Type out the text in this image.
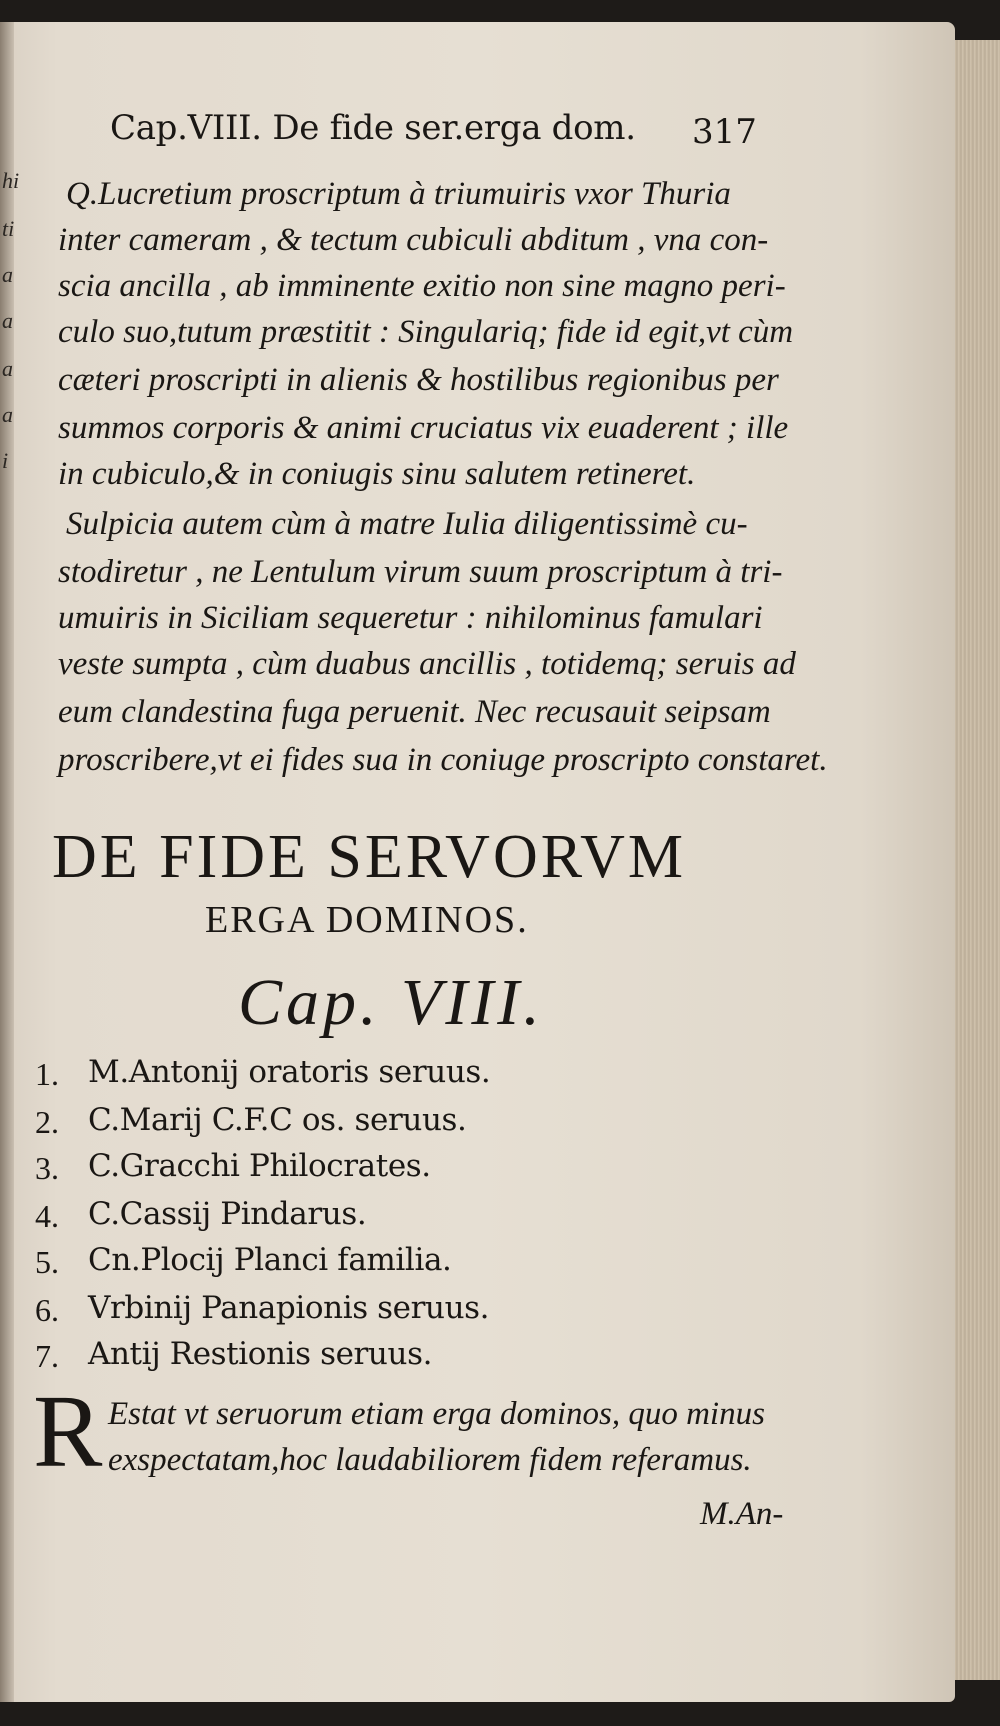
hi
ti
a
a
a
a
i
Cap.VIII. De fide ser.erga dom. 317
Q.Lucretium proscriptum à triumuiris vxor Thuria
inter cameram , & tectum cubiculi abditum , vna con-
scia ancilla , ab imminente exitio non sine magno peri-
culo suo,tutum præstitit : Singulariq; fide id egit,vt cùm
cæteri proscripti in alienis & hostilibus regionibus per
summos corporis & animi cruciatus vix euaderent ; ille
in cubiculo,& in coniugis sinu salutem retineret.
Sulpicia autem cùm à matre Iulia diligentissimè cu-
stodiretur , ne Lentulum virum suum proscriptum à tri-
umuiris in Siciliam sequeretur : nihilominus famulari
veste sumpta , cùm duabus ancillis , totidemq; seruis ad
eum clandestina fuga peruenit. Nec recusauit seipsam
proscribere,vt ei fides sua in coniuge proscripto constaret.
DE FIDE SERVORVM
ERGA DOMINOS.
Cap. VIII.
1. M.Antonij oratoris seruus.
2. C.Marij C.F.C os. seruus.
3. C.Gracchi Philocrates.
4. C.Cassij Pindarus.
5. Cn.Plocij Planci familia.
6. Vrbinij Panapionis seruus.
7. Antij Restionis seruus.
R Estat vt seruorum etiam erga dominos, quo minus
exspectatam,hoc laudabiliorem fidem referamus.
M.An-
